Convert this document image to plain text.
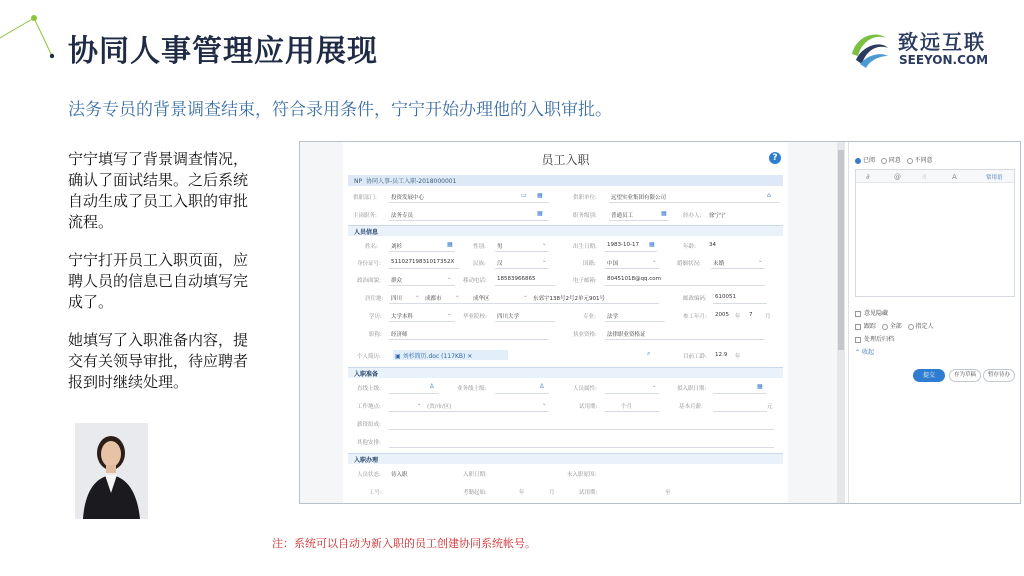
协同人事管理应用展现	致远互联
SEEYON.COM
法务专员的背景调查结束，符合录用条件，宁宁开始办理他的入职审批。
宁宁填写了背景调查情况，确认了面试结果。之后系统自动生成了员工入职的审批流程。
宁宁打开员工入职页面，应聘人员的信息已自动填写完成了。
她填写了入职准备内容，提交有关领导审批，待应聘者报到时继续处理。
注：系统可以自动为新入职的员工创建协同系统帐号。
员工入职	?
NP 协同人事-员工入职-2018000001
供职部门:	投资发展中心	▭ ▦	供职单位:	远望实业集团有限公司	⌂
主岗职务:	法务专员	▦	职务级别:	普通员工	▦	经办人: 徐宁宁
人员信息
姓名: 刘杉	▦	性别: 男	⌄	出生日期: 1983-10-17 ▦	年龄: 34
身份证号: 51102719831017352X	民族: 汉	⌄	国籍: 中国	⌄	婚姻状况: 未婚	⌄
政治面貌: 群众	⌄ 移动电话: 18583966865	电子邮箱: 80451018@qq.com
居住地: 四川 ⌄ 成都市 ⌄ 成华区	⌄ 东郊宇138号2号2单元901号	邮政编码: 610051
学历: 大学本科	⌄ 毕业院校: 四川大学	专业: 法学	参工年月: 2005 年 7 月
职称: 经济师	执业资格: 法律职业资格证
个人简历: ▣ 刘杉简历.doc (117KB) ✕	⌕	目前工龄: 12.9 年
入职准备
直线上级:	♙	业务线上级:	♙	人员属性:	⌄	拟入职日期:	▦
工作地点:	⌄ (省/市/区)	⌄	试用期:	个月	基本月薪:	元
薪资组成:
其他安排:
入职办理
人员状态: 待入职	入职日期:	未入职原因:
工号:	考勤起始:	年	月	试用期:	至
已阅 同意 不同意
∂	@	☝	A	常用语
意见隐藏
跟踪 全部 指定人
处理后归档
⌃ 收起
提交	存为草稿	暂存待办
